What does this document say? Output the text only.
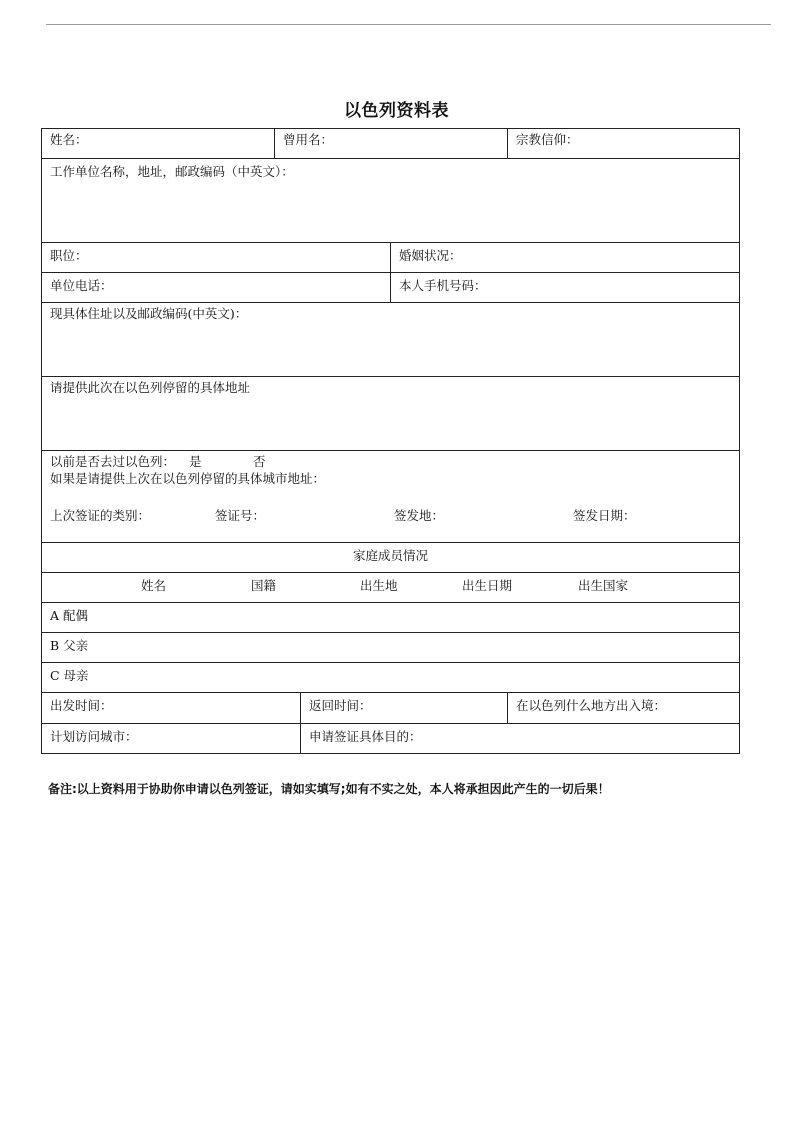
以色列资料表
姓名：	曾用名：			宗教信仰：
工作单位名称，地址，邮政编码（中英文）：				
职位：			婚姻状况：	
单位电话：			本人手机号码：	
现具体住址以及邮政编码(中英文)：				
请提供此次在以色列停留的具体地址				

以前是否去过以色列： 是 否
如果是请提供上次在以色列停留的具体城市地址：
上次签证的类别： 签证号： 签发地： 签发日期：				

家庭成员情况				
姓名 国籍 出生地 出生日期 出生国家				
A 配偶				
B 父亲				
C 母亲				
出发时间：		返回时间：		在以色列什么地方出入境：
计划访问城市：		申请签证具体目的：		
备注:以上资料用于协助你申请以色列签证，请如实填写;如有不实之处，本人将承担因此产生的一切后果！
